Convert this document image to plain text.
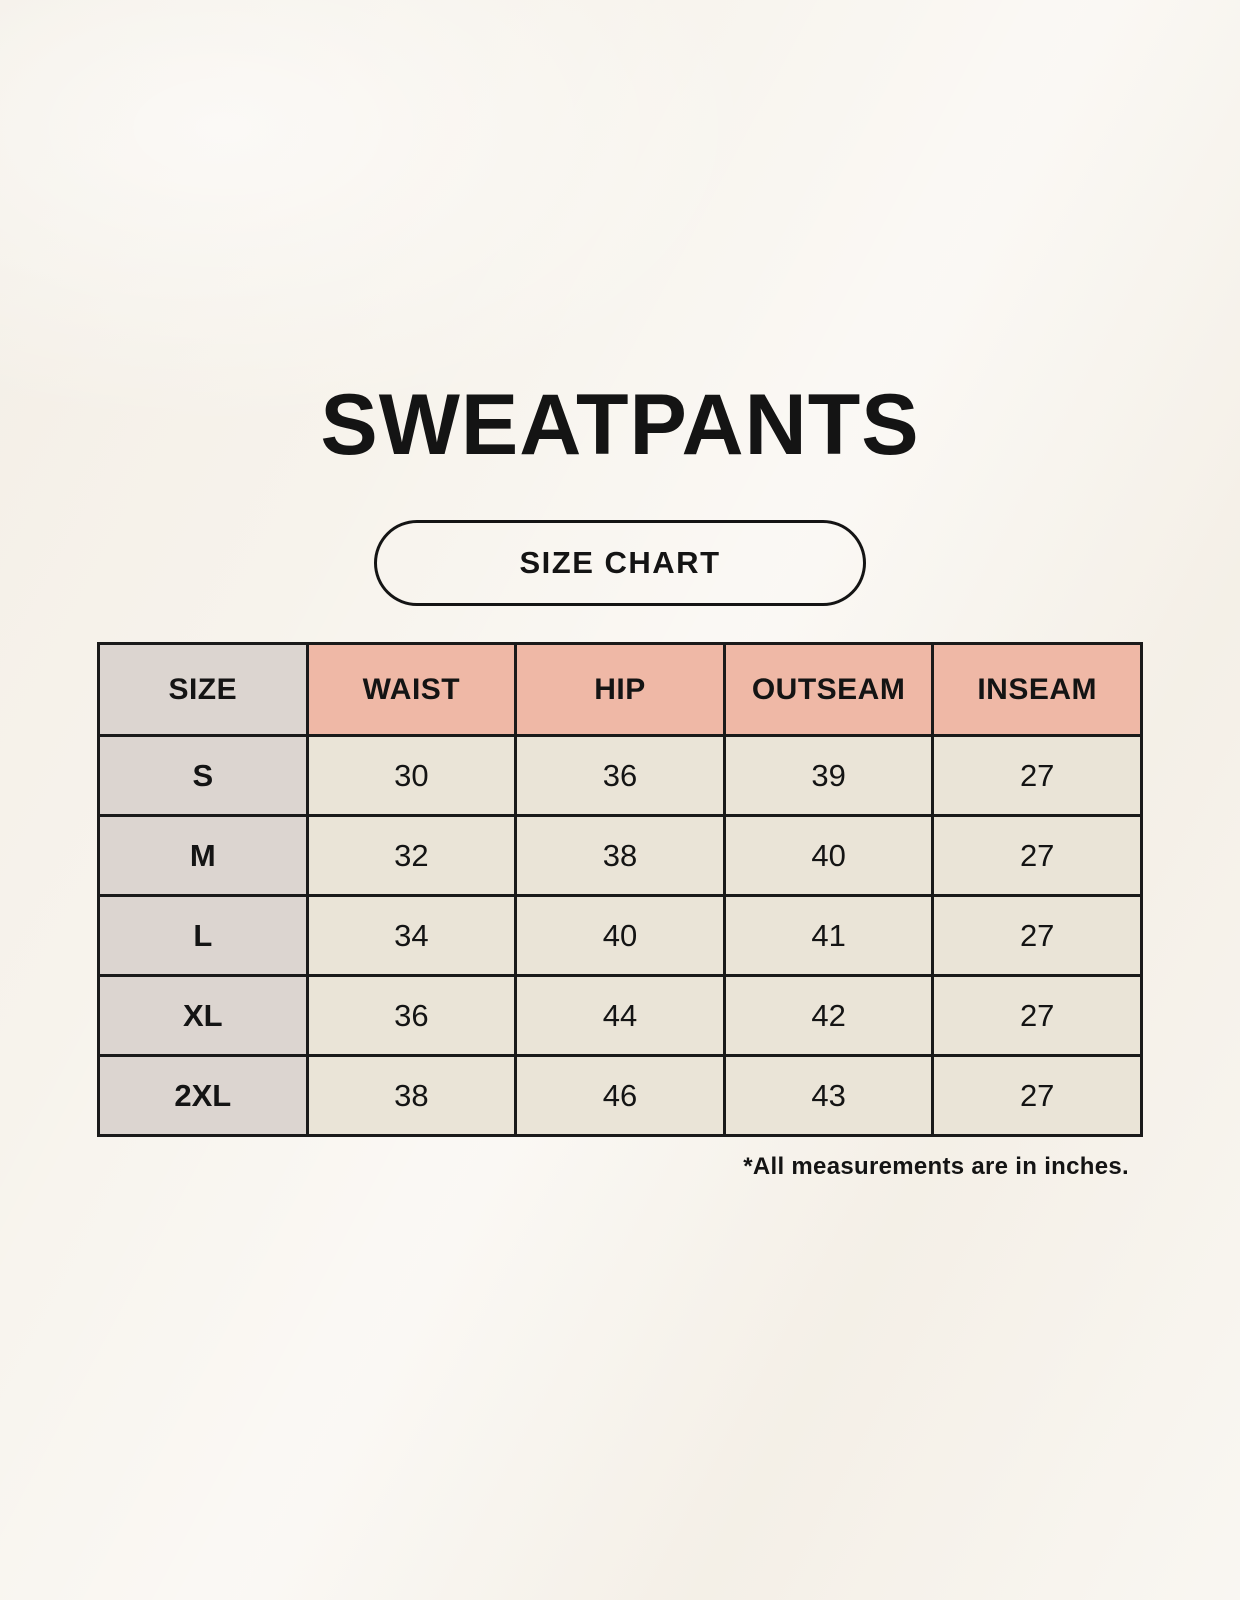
SWEATPANTS
SIZE CHART
SIZE	WAIST	HIP	OUTSEAM	INSEAM
S	30	36	39	27
M	32	38	40	27
L	34	40	41	27
XL	36	44	42	27
2XL	38	46	43	27
*All measurements are in inches.
